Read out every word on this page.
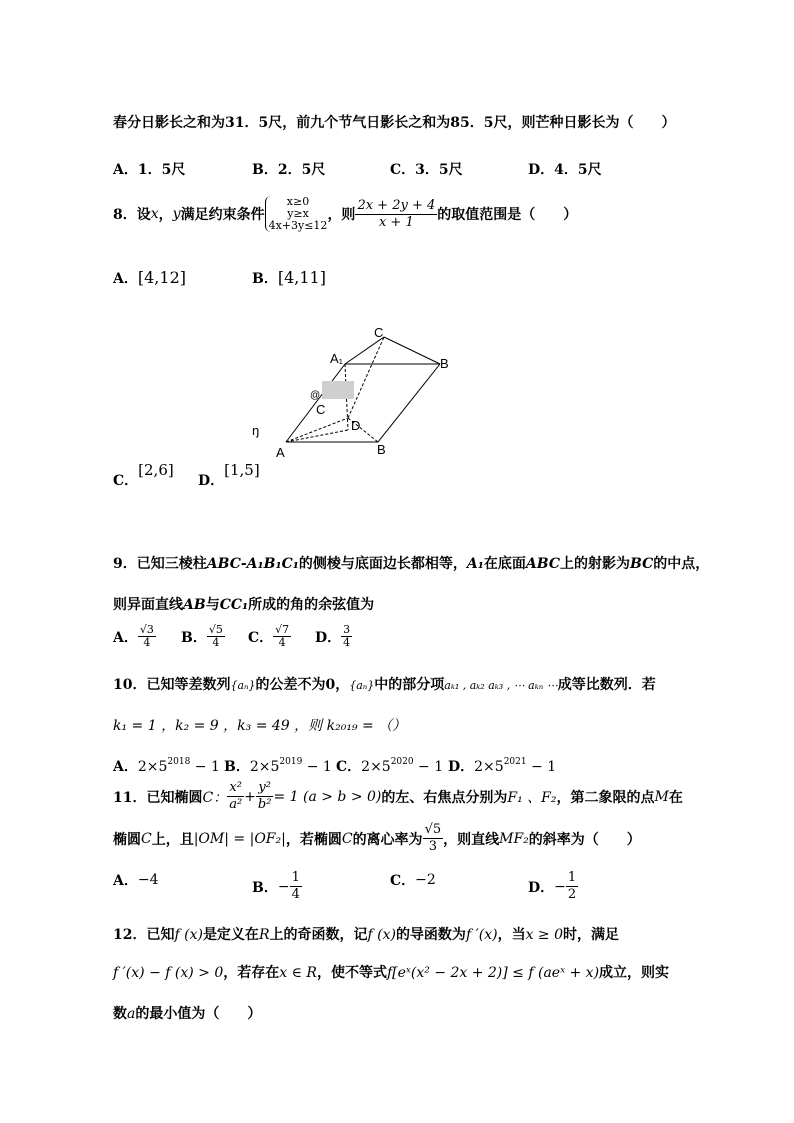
春分日影长之和为31．5尺，前九个节气日影长之和为85．5尺，则芒种日影长为（　　）
A．1．5尺	B．2．5尺	C．3．5尺	D．4．5尺
8．设 x ， y 满足约束条件
x≥0
y≥x
4x+3y≤12
，则 $\frac{2x + 2y + 4}{x + 1}$ 的取值范围是（　　）
A．[4,12]	B．[4,11]
C
A₁	B
@
C
D
A	B
ŋ
C．[2,6]
D．[1,5]
9．已知三棱柱ABC-A₁B₁C₁的侧棱与底面边长都相等，A₁在底面ABC上的射影为BC的中点，
则异面直线AB与CC₁所成的角的余弦值为
A． $\frac{√3}{4}$ B． $\frac{√5}{4}$ C． $\frac{√7}{4}$ D． $\frac{3}{4}$
10．已知等差数列{aₙ}的公差不为0，{aₙ}中的部分项aₖ₁ , aₖ₂ aₖ₃ , ⋯ aₖₙ ⋯成等比数列．若
k₁ = 1 ，k₂ = 9 ，k₃ = 49 ，则 k₂₀₁₉ = （）
A．$2\times 5^{2018} - 1$ B．$2\times 5^{2019} - 1$ C．$2\times 5^{2020} - 1$ D．$2\times 5^{2021} - 1$
11．已知椭圆 C： $\frac{\text{x²}}{\text{a²}} + \frac{\text{y²}}{\text{b²}} = 1$ (a > b > 0) 的左、右焦点分别为 F₁ 、F₂ ，第二象限的点 M 在
椭圆 C 上，且 |OM| = |OF₂| ，若椭圆 C 的离心率为 $\frac{√5}{3}$ ，则直线 MF₂ 的斜率为（　　）
A． −4	B． − $\frac{1}{4}$	C． −2	D． − $\frac{1}{2}$
12．已知f (x)是定义在R上的奇函数，记f (x)的导函数为f ′(x)，当x ≥ 0时，满足
f ′(x) − f (x) > 0，若存在x ∈ R，使不等式f[eˣ(x² − 2x + 2)] ≤ f (aeˣ + x)成立，则实
数a的最小值为（　　）
